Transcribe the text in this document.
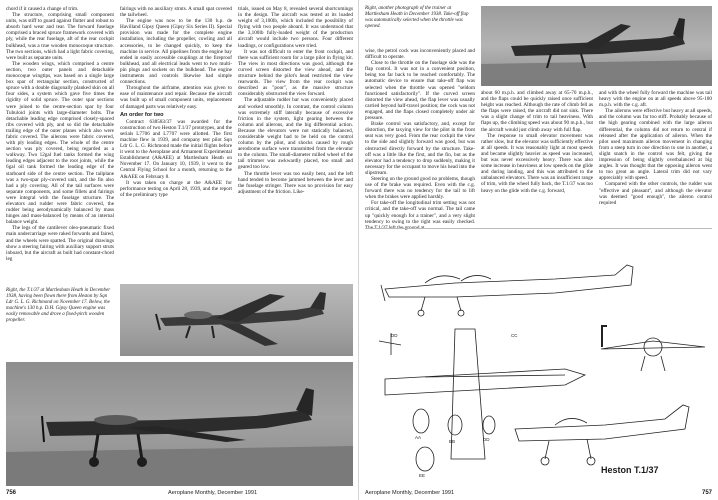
chord if it caused a change of trim.

The structure, comprising small component units, was stiff to guard against flutter and robust to absorb hard wear and tear. The forward fuselage comprised a braced spruce framework covered with ply, while the rear fuselage, aft of the rear cockpit bulkhead, was a true wooden monocoque structure. The two sections, which had a light fabric covering, were built as separate units.

The wooden wings, which comprised a centre section, two outer panels and detachable monocoque wingtips, was based on a single large box spar of rectangular section, constructed of spruce with a double diagonally planked skin on all four sides, a system which gave five times the rigidity of solid spruce. The outer spar sections were joined to the centre-section spar by four Tubuloid joints with large-diameter bolts. The detachable leading edge comprised closely-spaced ribs covered with ply, and so did the detachable trailing edge of the outer planes which also were fabric covered. The ailerons were fabric covered, with ply leading edges. The whole of the centre section was ply covered, being regarded as a walkway. Two 12gal fuel tanks formed the wing leading edges adjacent to the root joints, while the 6gal oil tank formed the leading edge of the starboard side of the centre section. The tailplane was a two-spar ply-covered unit, and the fin also had a ply covering. All of the tail surfaces were separate components, and some fillets and fairings were integral with the fuselage structure. The elevators and rudder were fabric covered, the rudder being aerodynamically balanced by mass hinges and mass-balanced by means of an internal balance weight.

The legs of the cantilever oleo-pneumatic fixed main undercarriage were raked forwards and faired, and the wheels were spatted. The original drawings show a steering fairing with auxiliary support struts inboard, but the aircraft as built had constant-chord leg

fairings with no auxiliary struts. A small spat covered the tailwheel.

The engine was now to be the 130 h.p. de Havilland Gipsy Queen (Gipsy Six Series II). Special provision was made for the complete engine installation, including the propeller, cowling and all accessories, to be changed quickly, to keep the machine in service. All pipelines from the engine bay ended in easily accessible couplings at the fireproof bulkhead, and all electrical leads went to two multi-pin plugs and sockets on the bulkhead. The engine instruments and controls likewise had simple connections.

Throughout the airframe, attention was given to ease of maintenance and repair. Because the aircraft was built up of small component units, replacement of damaged parts was relatively easy.

An order for two

Contract 638583/37 was awarded for the construction of two Heston T.1/37 prototypes, and the serials L7706 and L7707 were allotted. The first machine flew in 1939, and company test pilot Sqn Ldr G. L. G. Richmond made the initial flights before it went to the Aeroplane and Armament Experimental Establishment (A&AEE) at Martlesham Heath on November 17. On January 10, 1939, it went to the Central Flying School for a month, returning to the A&AEE on February 8.

It was taken on charge at the A&AEE for performance testing on April 28, 1939, and the report of the preliminary type

trials, issued on May 8, revealed several shortcomings in the design. The aircraft was tested at its loaded weight of 3,100lb, which included the possibility of flying with two people aboard. It was understood that the 3,100lb fully-loaded weight of the production aircraft would include two persons. Four different loadings, or configurations were tried.

It was not difficult to enter the front cockpit, and there was sufficient room for a large pilot in flying kit. The view in most directions was good, although the curved screen distorted the view ahead, and the structure behind the pilot's head restricted the view rearwards. The view from the rear cockpit was described as "poor", as the massive structure considerably obstructed the view forward.

The adjustable rudder bar was conveniently placed and worked smoothly. In contrast, the control column was extremely stiff laterally because of excessive friction in the system, light gearing between the column and ailerons, and the big differential action. Because the elevators were not statically balanced, considerable weight had to be held on the control column by the pilot, and shocks caused by rough aerodrome surface were transmitted from the elevator to the column. The small-diameter milled wheel of the tail trimmer was awkwardly placed, too small and geared too low.

The throttle lever was too easily bent, and the left hand tended to become jammed between the lever and the fuselage stringer. There was no provision for easy adjustment of the friction. Like-

Right, the T.1/37 at Martlesham Heath in December 1938, having been flown there from Heston by Sqn Ldr G. L. G. Richmond on November 17. Below, the machine's 130 h.p. D.H. Gipsy Queen engine was easily removable and drove a fixed-pitch wooden propeller.
756	Aeroplane Monthly, December 1991
Right, another photograph of the trainer at Martlesham Heath in December 1938. Take-off flap was automatically selected when the throttle was opened.

wise, the petrol cock was inconveniently placed and difficult to operate.

Close to the throttle on the fuselage side was the flap control. It was not in a convenient position, being too far back to be reached comfortably. The automatic device to ensure that take-off flap was selected when the throttle was opened "seldom functioned satisfactorily". If the curved screen distorted the view ahead, the flap lever was usually carried beyond half-travel position; the cock was not engaged, and the flaps closed completely under air pressure.

Brake control was satisfactory, and, except for distortion, the taxying view for the pilot in the front seat was very good. From the rear cockpit the view to the side and slightly forward was good, but was obstructed directly forward by the structure. Take-off was a little like the first, and the fin, but as the elevator had a tendency to drop suddenly, making it necessary for the occupant to move his head into the slipstream.

Steering on the ground good no problems, though use of the brake was required. Even with the c.g. forward there was no tendency for the tail to lift when the brakes were applied harshly.

For take-off the longitudinal trim setting was not critical, and the take-off was normal. The tail came up "quickly enough for a trainer", and a very slight tendency to swing to the right was easily checked. The T.1/37 left the ground at

about 60 m.p.h. and climbed away at 65-70 m.p.h., and the flaps could be quickly raised once sufficient height was reached. Although the rate of climb fell as the flaps were raised, the aircraft did not sink. There was a slight change of trim to tail heaviness. With flaps up, the climbing speed was about 90 m.p.h., but the aircraft would just climb away with full flap.

The response to small elevator movement was rather slow, but the elevator was sufficiently effective at all speeds. It was reasonably light at most speeds and became slightly heavier as speed was increased, but was never excessively heavy. There was also some increase in heaviness at low speeds on the glide and during landing, and this was attributed to the unbalanced elevators. There was an insufficient range of trim, with the wheel fully back, the T.1/37 was too heavy on the glide with the c.g. forward,

and with the wheel fully forward the machine was tail heavy with the engine on at all speeds above 95-100 m.p.h. with the c.g. aft.

The ailerons were effective but heavy at all speeds, and the column was far too stiff. Probably because of the high gearing combined with the large aileron differential, the column did not return to central if released after the application of aileron. When the pilot used maximum aileron movement in changing from a steep turn in one direction to one in another, a slight snatch in the control was felt, giving the impression of being slightly overbalanced at big angles. It was thought that the opposing aileron went to too great an angle. Lateral trim did not vary appreciably with speed.

Compared with the other controls, the rudder was "effective and pleasant", and although the elevator was deemed "good enough", the aileron control required

DD	CC
AA
BB	DD
EE
Heston T.1/37
Aeroplane Monthly, December 1991	757
